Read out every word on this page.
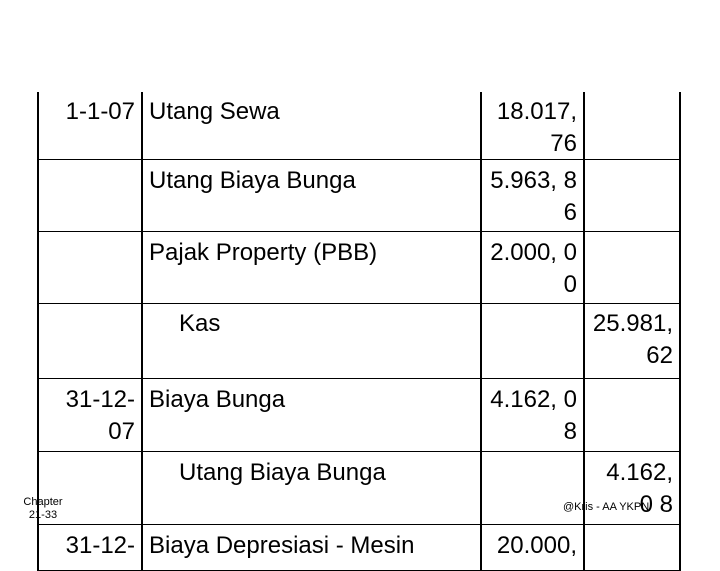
1-1-07	Utang Sewa	18.017, 76	
	Utang Biaya Bunga	5.963, 8 6	
	Pajak Property (PBB)	2.000, 0 0	
	Kas		25.981, 62
31-12- 07	Biaya Bunga	4.162, 0 8	
	Utang Biaya Bunga		4.162, 0 8
31-12-	Biaya Depresiasi - Mesin	20.000,	
Chapter 21-33
@Kris - AA YKPN
